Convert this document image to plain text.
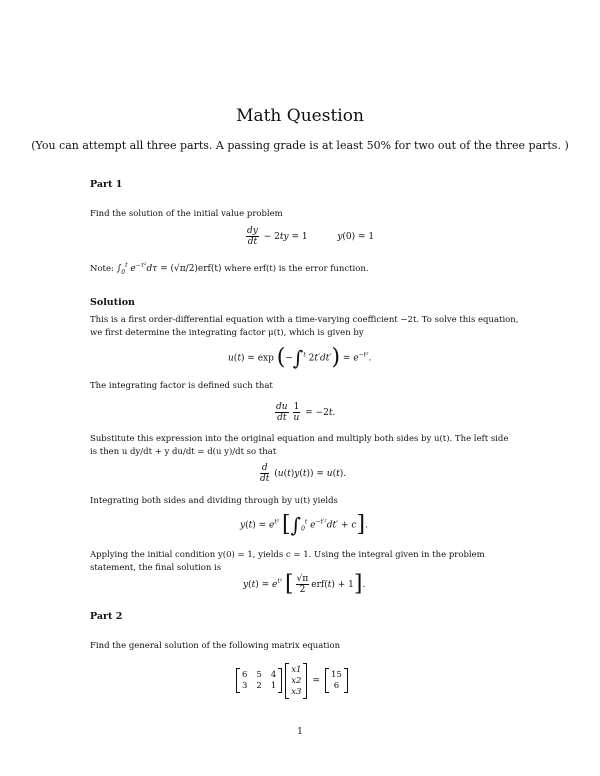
Math Question
(You can attempt all three parts. A passing grade is at least 50% for two out of the three parts. )
Part 1
Find the solution of the initial value problem
$\frac{dy}{dt} - 2ty = 1$	y(0) = 1
Note: $\int_0^t$ $e^{-\tau^2}d\tau = (√\pi/2)erf(t)$ where erf(t) is the error function.
Solution
This is a first order-differential equation with a time-varying coefficient −2t. To solve this equation,
we first determine the integrating factor μ(t), which is given by
u(t) = exp (−∫$^t$ $2t'dt') = e^{-t^2}$.
The integrating factor is defined such that
$\frac{du}{dt} \frac{1}{u} = -2t$.
Substitute this expression into the original equation and multiply both sides by u(t). The left side
is then u dy/dt + y du/dt = d(u y)/dt so that
$\frac{d}{dt} (u(t)y(t)) = u(t)$.
Integrating both sides and dividing through by u(t) yields
$y(t) = e^{t^2}$ [$\int_0^t$ $e^{-t'^2}dt' + c$].
Applying the initial condition y(0) = 1, yields c = 1. Using the integral given in the problem
statement, the final solution is
$y(t) = e^{t^2}$ [ $\frac{√\pi}{2} erf(t) + 1$].
Part 2
Find the general solution of the following matrix equation
6 5 4
3 2 1
x1
x2
x3
=
15
6
1
